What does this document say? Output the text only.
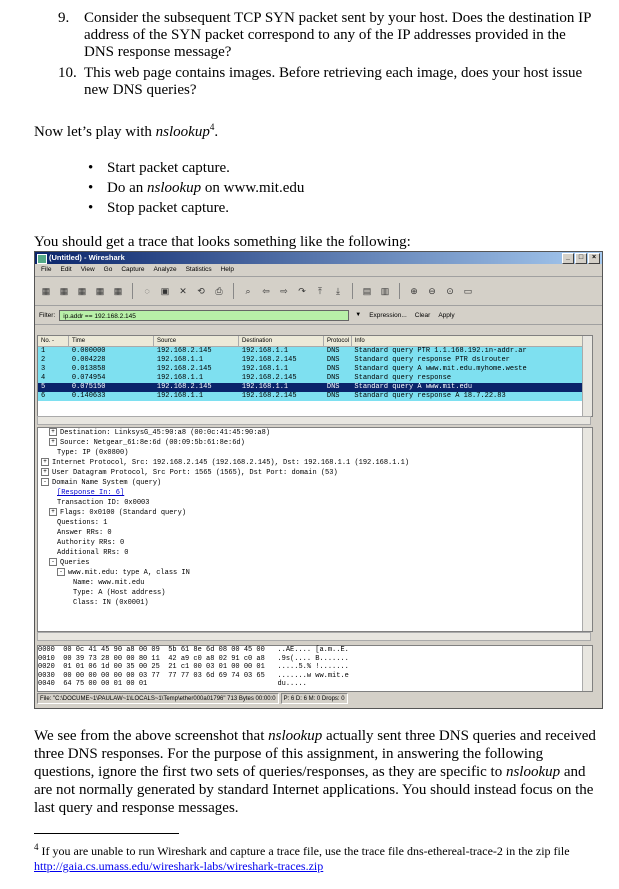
9. Consider the subsequent TCP SYN packet sent by your host. Does the destination IP address of the SYN packet correspond to any of the IP addresses provided in the DNS response message?
10. This web page contains images. Before retrieving each image, does your host issue new DNS queries?
Now let’s play with nslookup$^4$.
• Start packet capture.
• Do an nslookup on www.mit.edu
• Stop packet capture.
You should get a trace that looks something like the following:
(Untitled) - Wireshark	_	□	×
File Edit View Go Capture Analyze Statistics Help
▦	▦	▦	▦	▦	◌	▣	✕	⟲	⎙	⌕	⇦	⇨	↷	⤒	⤓	▤	▥	⊕	⊖	⊙	▭
Filter:	ip.addr == 192.168.2.145	▼ Expression... Clear Apply
No. -	Time	Source	Destination	Protocol Info
1	0.000000	192.168.2.145	192.168.1.1	DNS	Standard query PTR 1.1.168.192.in-addr.ar
2	0.004228	192.168.1.1	192.168.2.145	DNS	Standard query response PTR dslrouter
3	0.013858	192.168.2.145	192.168.1.1	DNS	Standard query A www.mit.edu.myhome.weste
4	0.074954	192.168.1.1	192.168.2.145	DNS	Standard query response
5	0.075150	192.168.2.145	192.168.1.1	DNS	Standard query A www.mit.edu
6	0.140633	192.168.1.1	192.168.2.145	DNS	Standard query response A 18.7.22.83
+ Destination: LinksysG_45:90:a8 (00:0c:41:45:90:a8)
+ Source: Netgear_61:8e:6d (00:09:5b:61:8e:6d)
Type: IP (0x0800)
+ Internet Protocol, Src: 192.168.2.145 (192.168.2.145), Dst: 192.168.1.1 (192.168.1.1)
+ User Datagram Protocol, Src Port: 1565 (1565), Dst Port: domain (53)
- Domain Name System (query)
[Response In: 6]
Transaction ID: 0x0003
+ Flags: 0x0100 (Standard query)
Questions: 1
Answer RRs: 0
Authority RRs: 0
Additional RRs: 0
- Queries
- www.mit.edu: type A, class IN
Name: www.mit.edu
Type: A (Host address)
Class: IN (0x0001)
0000  00 0c 41 45 90 a8 00 09  5b 61 8e 6d 08 00 45 00   ..AE.... [a.m..E.
0010  00 39 73 28 00 00 80 11  42 a9 c0 a8 02 91 c0 a8   .9s(.... B.......
0020  01 01 06 1d 00 35 00 25  21 c1 00 03 01 00 00 01   .....5.% !.......
0030  00 00 00 00 00 00 03 77  77 77 03 6d 69 74 03 65   .......w ww.mit.e
0040  64 75 00 00 01 00 01                               du.....
File: "C:\DOCUME~1\PAULAW~1\LOCALS~1\Temp\ether000a01796" 713 Bytes 00:00:0	P: 6 D: 6 M: 0 Drops: 0
We see from the above screenshot that nslookup actually sent three DNS queries and received three DNS responses. For the purpose of this assignment, in answering the following questions, ignore the first two sets of queries/responses, as they are specific to nslookup and are not normally generated by standard Internet applications. You should instead focus on the last query and response messages.
$^4$ If you are unable to run Wireshark and capture a trace file, use the trace file dns-ethereal-trace-2 in the zip file http://gaia.cs.umass.edu/wireshark-labs/wireshark-traces.zip
